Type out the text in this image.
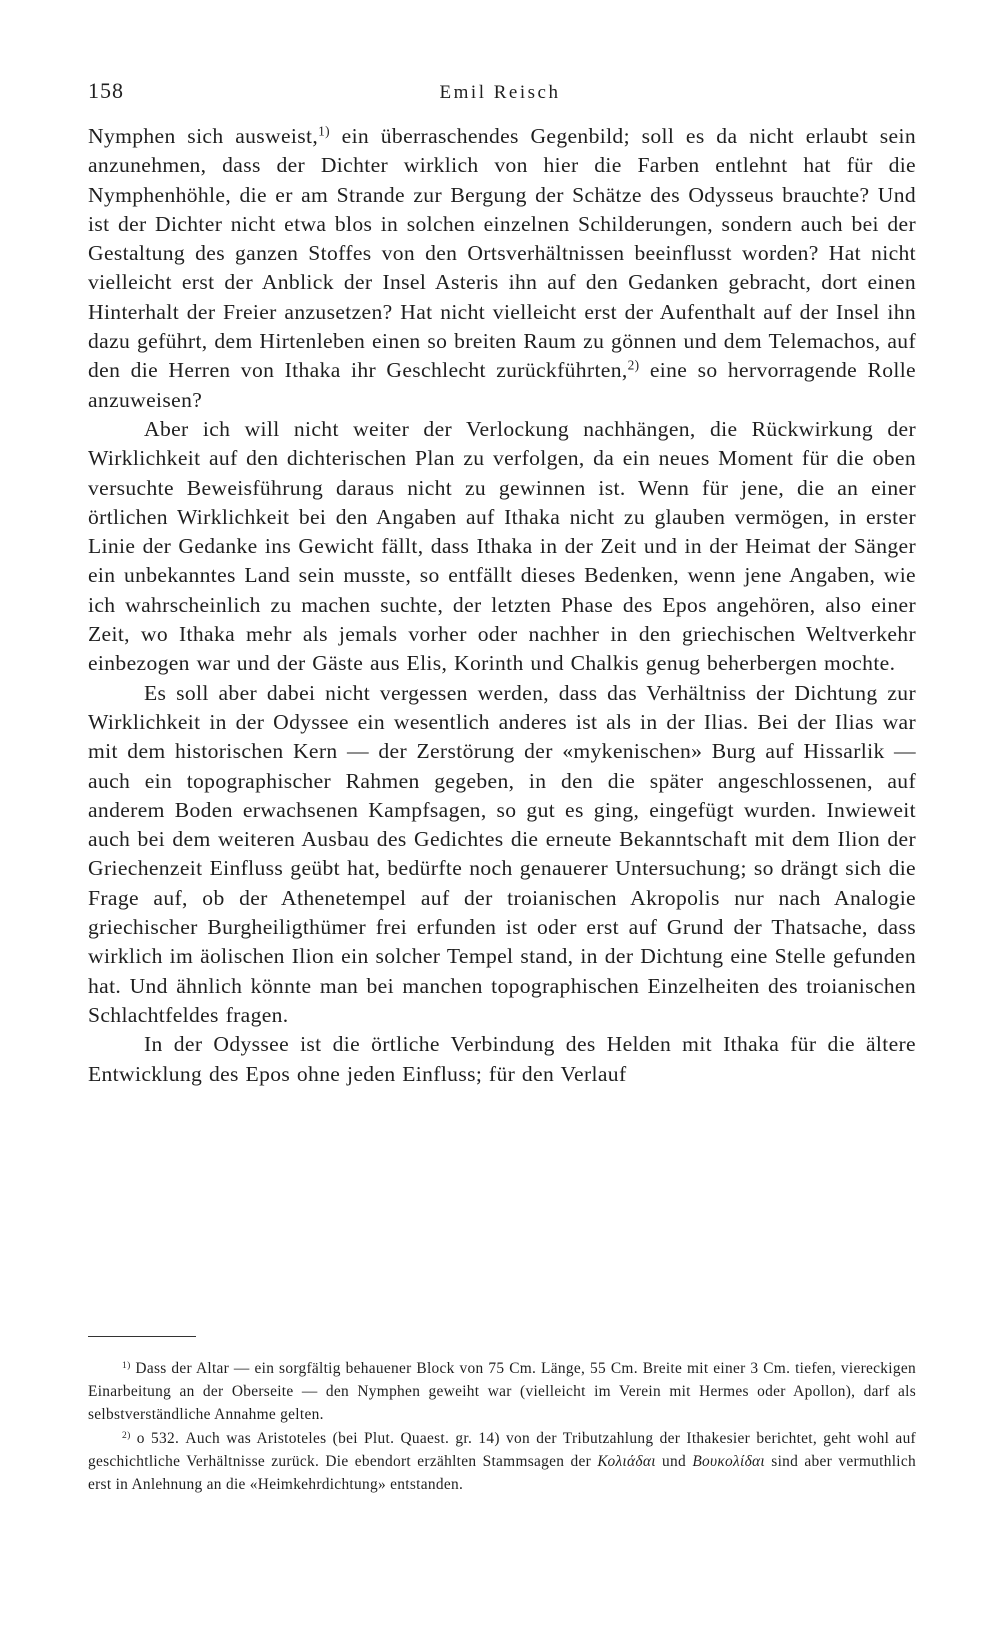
158	Emil Reisch

Nymphen sich ausweist,$^{1)}$ ein überraschendes Gegenbild; soll es da nicht erlaubt sein anzunehmen, dass der Dichter wirklich von hier die Farben entlehnt hat für die Nymphenhöhle, die er am Strande zur Bergung der Schätze des Odysseus brauchte? Und ist der Dichter nicht etwa blos in solchen einzelnen Schilderungen, sondern auch bei der Gestaltung des ganzen Stoffes von den Ortsverhältnissen beeinflusst worden? Hat nicht vielleicht erst der Anblick der Insel Asteris ihn auf den Gedanken gebracht, dort einen Hinterhalt der Freier anzusetzen? Hat nicht vielleicht erst der Aufenthalt auf der Insel ihn dazu geführt, dem Hirtenleben einen so breiten Raum zu gönnen und dem Telemachos, auf den die Herren von Ithaka ihr Geschlecht zurückführten,$^{2)}$ eine so hervorragende Rolle anzuweisen?

Aber ich will nicht weiter der Verlockung nachhängen, die Rückwirkung der Wirklichkeit auf den dichterischen Plan zu verfolgen, da ein neues Moment für die oben versuchte Beweisführung daraus nicht zu gewinnen ist. Wenn für jene, die an einer örtlichen Wirklichkeit bei den Angaben auf Ithaka nicht zu glauben vermögen, in erster Linie der Gedanke ins Gewicht fällt, dass Ithaka in der Zeit und in der Heimat der Sänger ein unbekanntes Land sein musste, so entfällt dieses Bedenken, wenn jene Angaben, wie ich wahrscheinlich zu machen suchte, der letzten Phase des Epos angehören, also einer Zeit, wo Ithaka mehr als jemals vorher oder nachher in den griechischen Weltverkehr einbezogen war und der Gäste aus Elis, Korinth und Chalkis genug beherbergen mochte.

Es soll aber dabei nicht vergessen werden, dass das Verhältniss der Dichtung zur Wirklichkeit in der Odyssee ein wesentlich anderes ist als in der Ilias. Bei der Ilias war mit dem historischen Kern — der Zerstörung der «mykenischen» Burg auf Hissarlik — auch ein topographischer Rahmen gegeben, in den die später angeschlossenen, auf anderem Boden erwachsenen Kampfsagen, so gut es ging, eingefügt wurden. Inwieweit auch bei dem weiteren Ausbau des Gedichtes die erneute Bekanntschaft mit dem Ilion der Griechenzeit Einfluss geübt hat, bedürfte noch genauerer Untersuchung; so drängt sich die Frage auf, ob der Athenetempel auf der troianischen Akropolis nur nach Analogie griechischer Burgheiligthümer frei erfunden ist oder erst auf Grund der Thatsache, dass wirklich im äolischen Ilion ein solcher Tempel stand, in der Dichtung eine Stelle gefunden hat. Und ähnlich könnte man bei manchen topographischen Einzelheiten des troianischen Schlachtfeldes fragen.

In der Odyssee ist die örtliche Verbindung des Helden mit Ithaka für die ältere Entwicklung des Epos ohne jeden Einfluss; für den Verlauf

$^{1)}$ Dass der Altar — ein sorgfältig behauener Block von 75 Cm. Länge, 55 Cm. Breite mit einer 3 Cm. tiefen, viereckigen Einarbeitung an der Oberseite — den Nymphen geweiht war (vielleicht im Verein mit Hermes oder Apollon), darf als selbstverständliche Annahme gelten.

$^{2)}$ ο 532. Auch was Aristoteles (bei Plut. Quaest. gr. 14) von der Tributzahlung der Ithakesier berichtet, geht wohl auf geschichtliche Verhältnisse zurück. Die ebendort erzählten Stammsagen der Κολιάδαι und Βουκολίδαι sind aber vermuthlich erst in Anlehnung an die «Heimkehrdichtung» entstanden.
